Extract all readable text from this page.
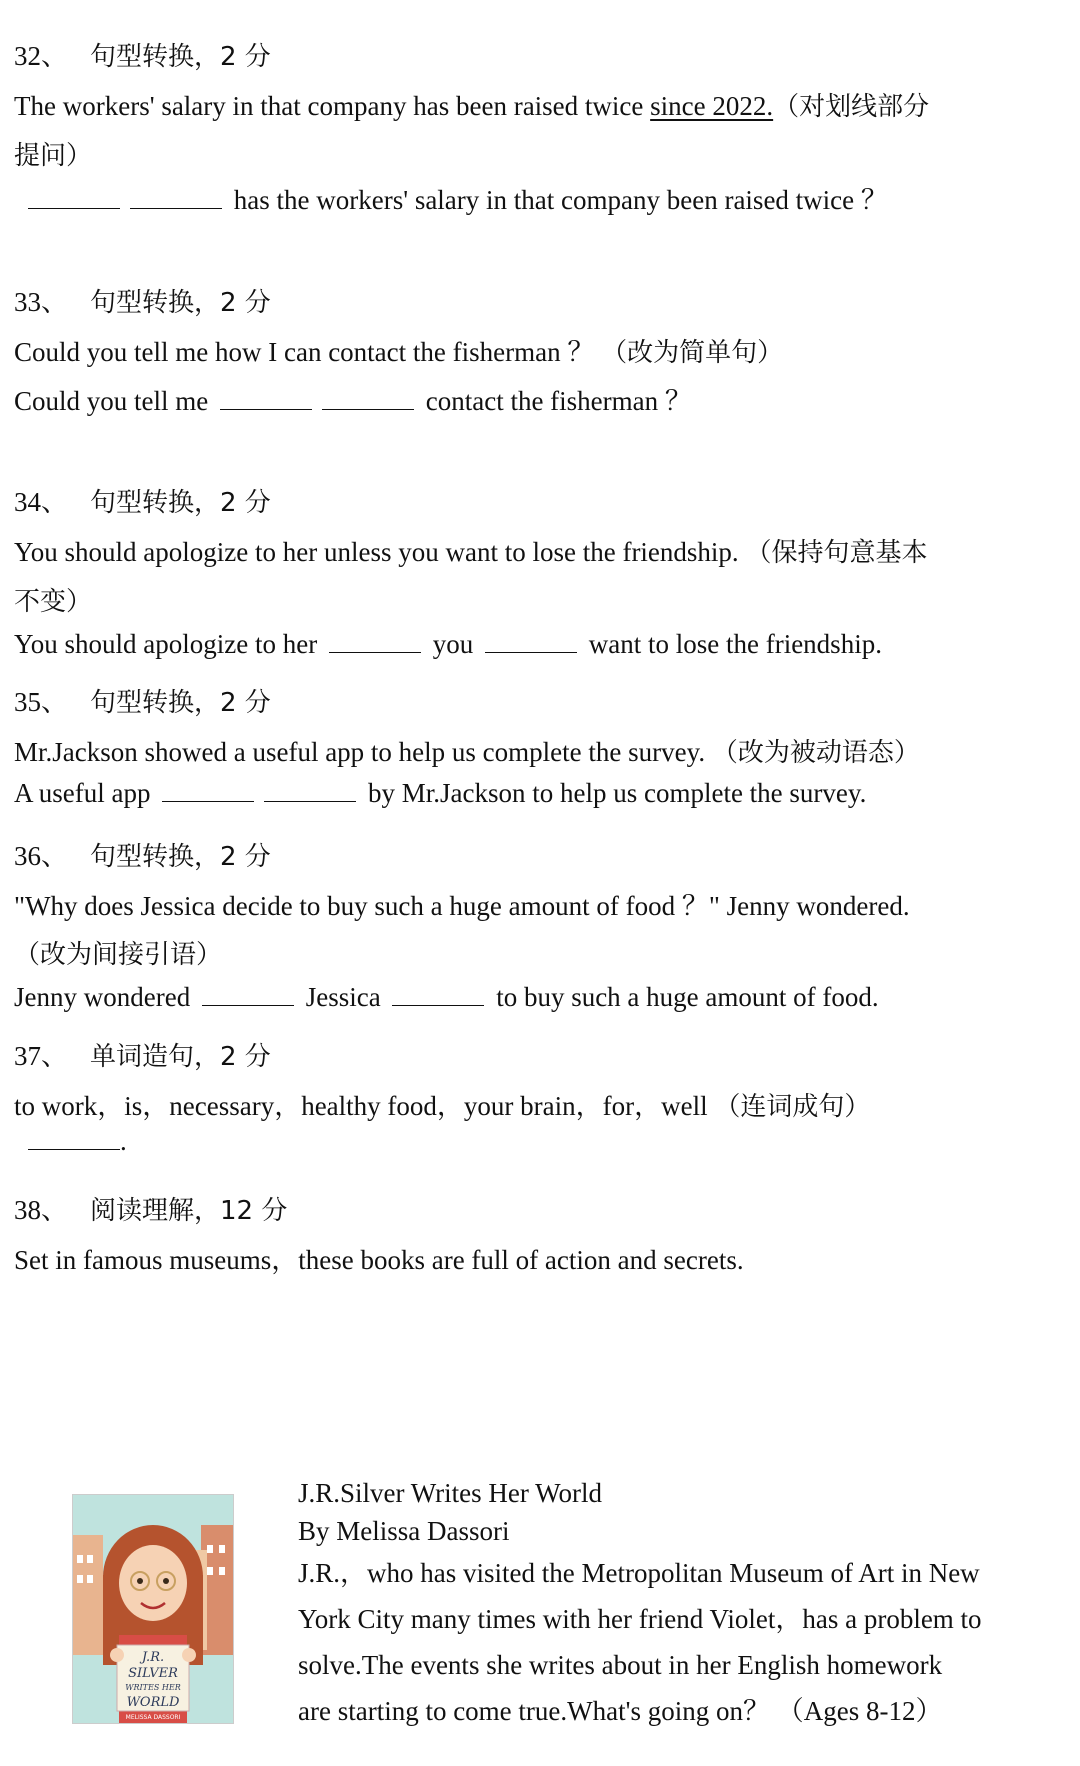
32、 句型转换，2 分
The workers' salary in that company has been raised twice since 2022.（对划线部分
提问）
has the workers' salary in that company been raised twice ？
33、 句型转换，2 分
Could you tell me how I can contact the fisherman ？ （改为简单句）
Could you tell me	contact the fisherman ？
34、 句型转换，2 分
You should apologize to her unless you want to lose the friendship. （保持句意基本
不变）
You should apologize to her	you	want to lose the friendship.
35、 句型转换，2 分
Mr.Jackson showed a useful app to help us complete the survey. （改为被动语态）
A useful app	by Mr.Jackson to help us complete the survey.
36、 句型转换，2 分
"Why does Jessica decide to buy such a huge amount of food ？" Jenny wondered.
（改为间接引语）
Jenny wondered	Jessica	to buy such a huge amount of food.
37、 单词造句，2 分
to work，is，necessary，healthy food，your brain，for，well （连词成句）
.
38、 阅读理解，12 分
Set in famous museums，these books are full of action and secrets.
J.R.
SILVER
WRITES HER
WORLD
MELISSA DASSORI
J.R.Silver Writes Her World
By Melissa Dassori
J.R.，who has visited the Metropolitan Museum of Art in New
York City many times with her friend Violet，has a problem to
solve.The events she writes about in her English homework
are starting to come true.What's going on？ （Ages 8-12）
